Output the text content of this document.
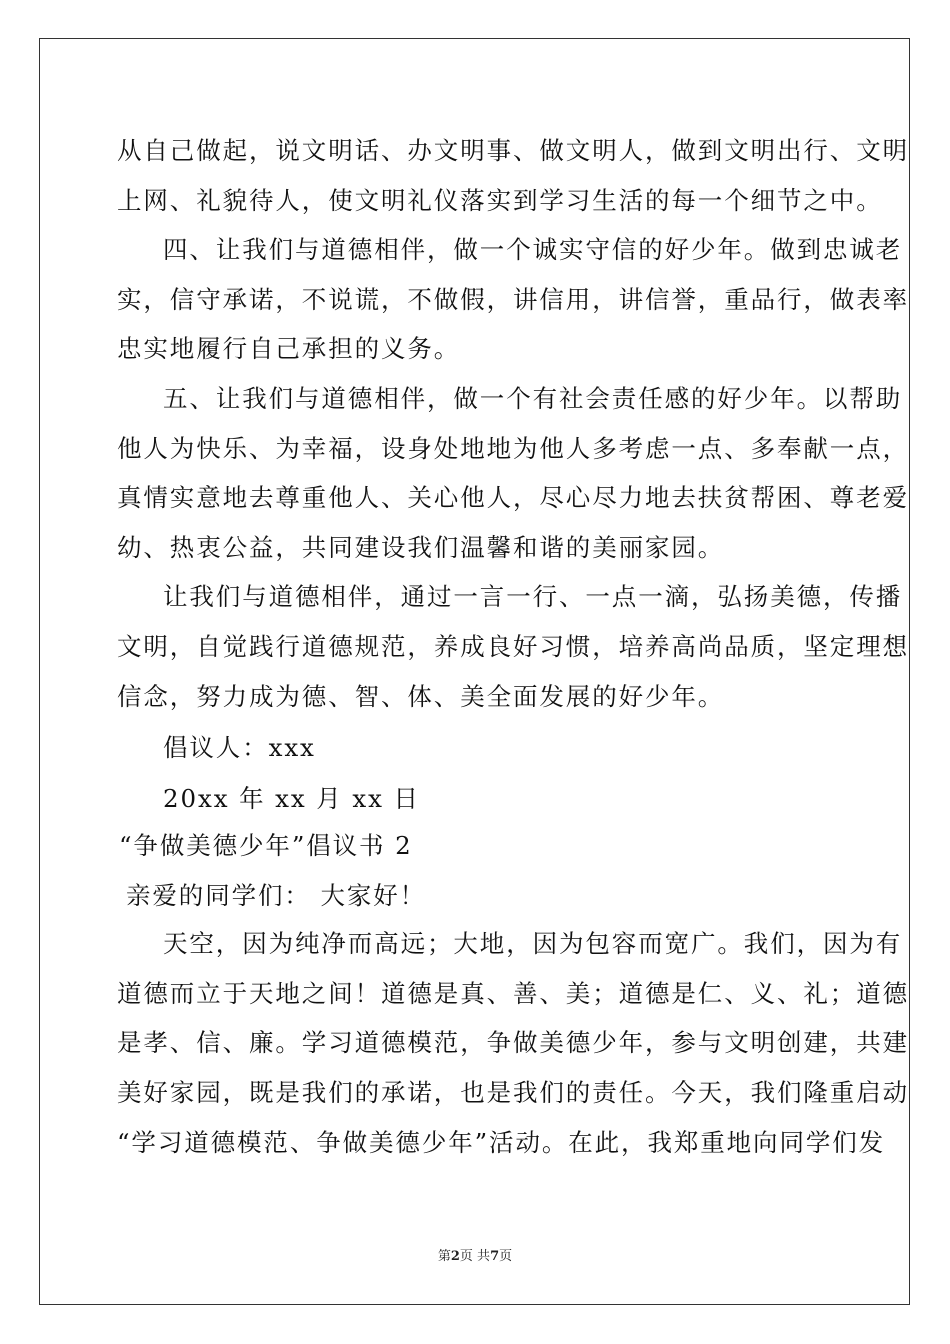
从自己做起，说文明话、办文明事、做文明人，做到文明出行、文明
上网、礼貌待人，使文明礼仪落实到学习生活的每一个细节之中。
四、让我们与道德相伴，做一个诚实守信的好少年。做到忠诚老
实，信守承诺，不说谎，不做假，讲信用，讲信誉，重品行，做表率
忠实地履行自己承担的义务。
五、让我们与道德相伴，做一个有社会责任感的好少年。以帮助
他人为快乐、为幸福，设身处地地为他人多考虑一点、多奉献一点，
真情实意地去尊重他人、关心他人，尽心尽力地去扶贫帮困、尊老爱
幼、热衷公益，共同建设我们温馨和谐的美丽家园。
让我们与道德相伴，通过一言一行、一点一滴，弘扬美德，传播
文明，自觉践行道德规范，养成良好习惯，培养高尚品质，坚定理想
信念，努力成为德、智、体、美全面发展的好少年。
倡议人：xxx
20xx 年 xx 月 xx 日
“争做美德少年”倡议书 2
亲爱的同学们： 大家好！
天空，因为纯净而高远；大地，因为包容而宽广。我们，因为有
道德而立于天地之间！道德是真、善、美；道德是仁、义、礼；道德
是孝、信、廉。学习道德模范，争做美德少年，参与文明创建，共建
美好家园，既是我们的承诺，也是我们的责任。今天，我们隆重启动
“学习道德模范、争做美德少年”活动。在此，我郑重地向同学们发
第2页 共7页
